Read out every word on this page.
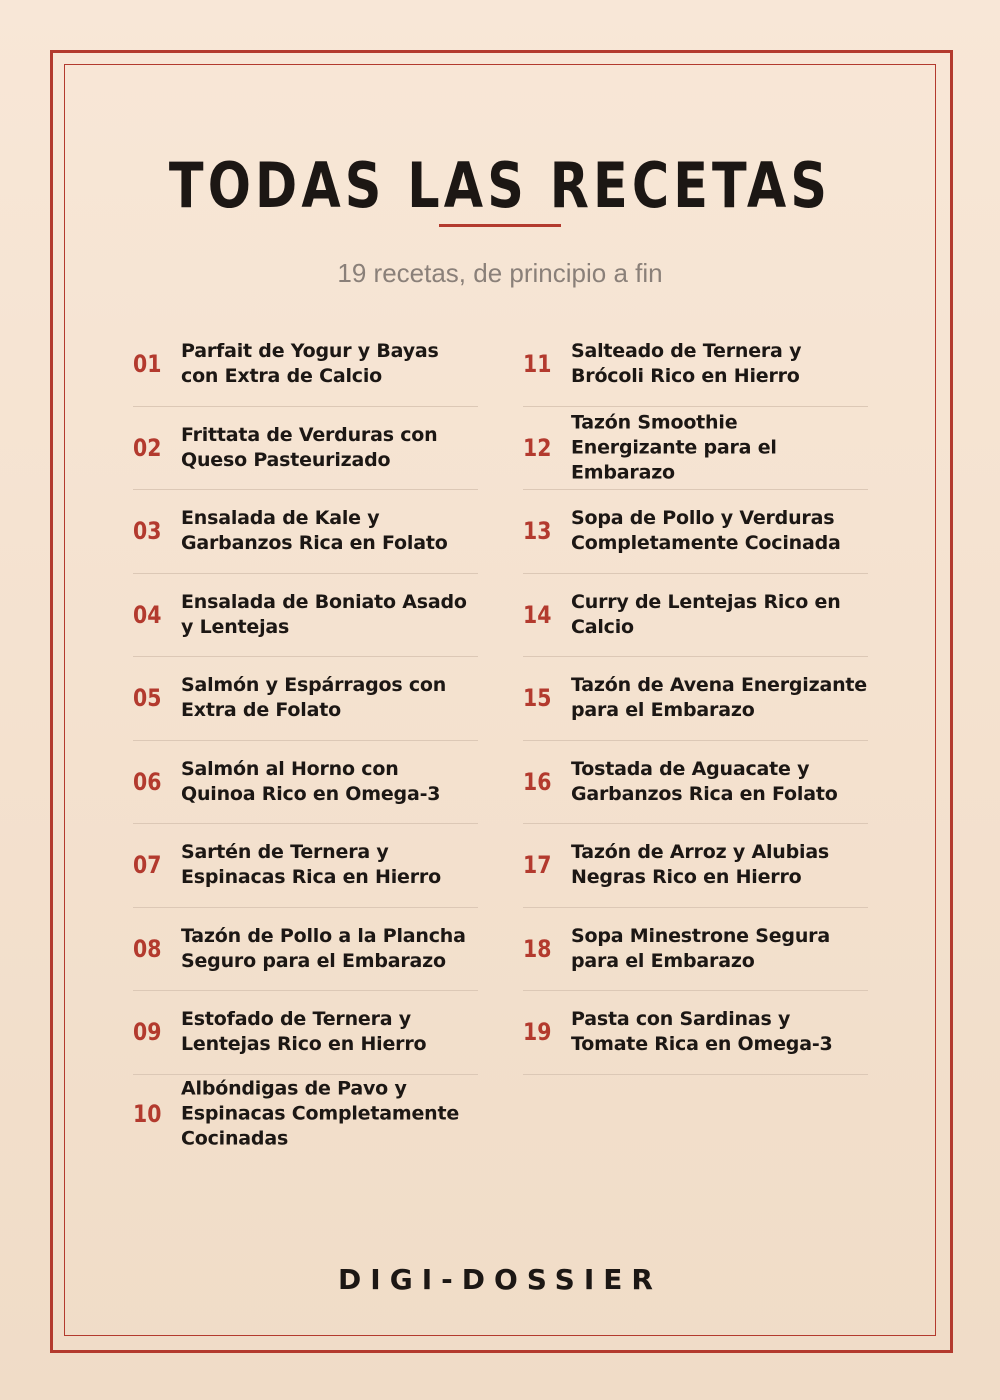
TODAS LAS RECETAS
19 recetas, de principio a fin
01 Parfait de Yogur y Bayas con Extra de Calcio
02 Frittata de Verduras con Queso Pasteurizado
03 Ensalada de Kale y Garbanzos Rica en Folato
04 Ensalada de Boniato Asado y Lentejas
05 Salmón y Espárragos con Extra de Folato
06 Salmón al Horno con Quinoa Rico en Omega-3
07 Sartén de Ternera y Espinacas Rica en Hierro
08 Tazón de Pollo a la Plancha Seguro para el Embarazo
09 Estofado de Ternera y Lentejas Rico en Hierro
10
Albóndigas de Pavo y Espinacas Completamente Cocinadas
11 Salteado de Ternera y Brócoli Rico en Hierro
12
Tazón Smoothie Energizante para el Embarazo
13 Sopa de Pollo y Verduras Completamente Cocinada
14 Curry de Lentejas Rico en Calcio
15 Tazón de Avena Energizante para el Embarazo
16 Tostada de Aguacate y Garbanzos Rica en Folato
17 Tazón de Arroz y Alubias Negras Rico en Hierro
18 Sopa Minestrone Segura para el Embarazo
19 Pasta con Sardinas y Tomate Rica en Omega-3
DIGI-DOSSIER
